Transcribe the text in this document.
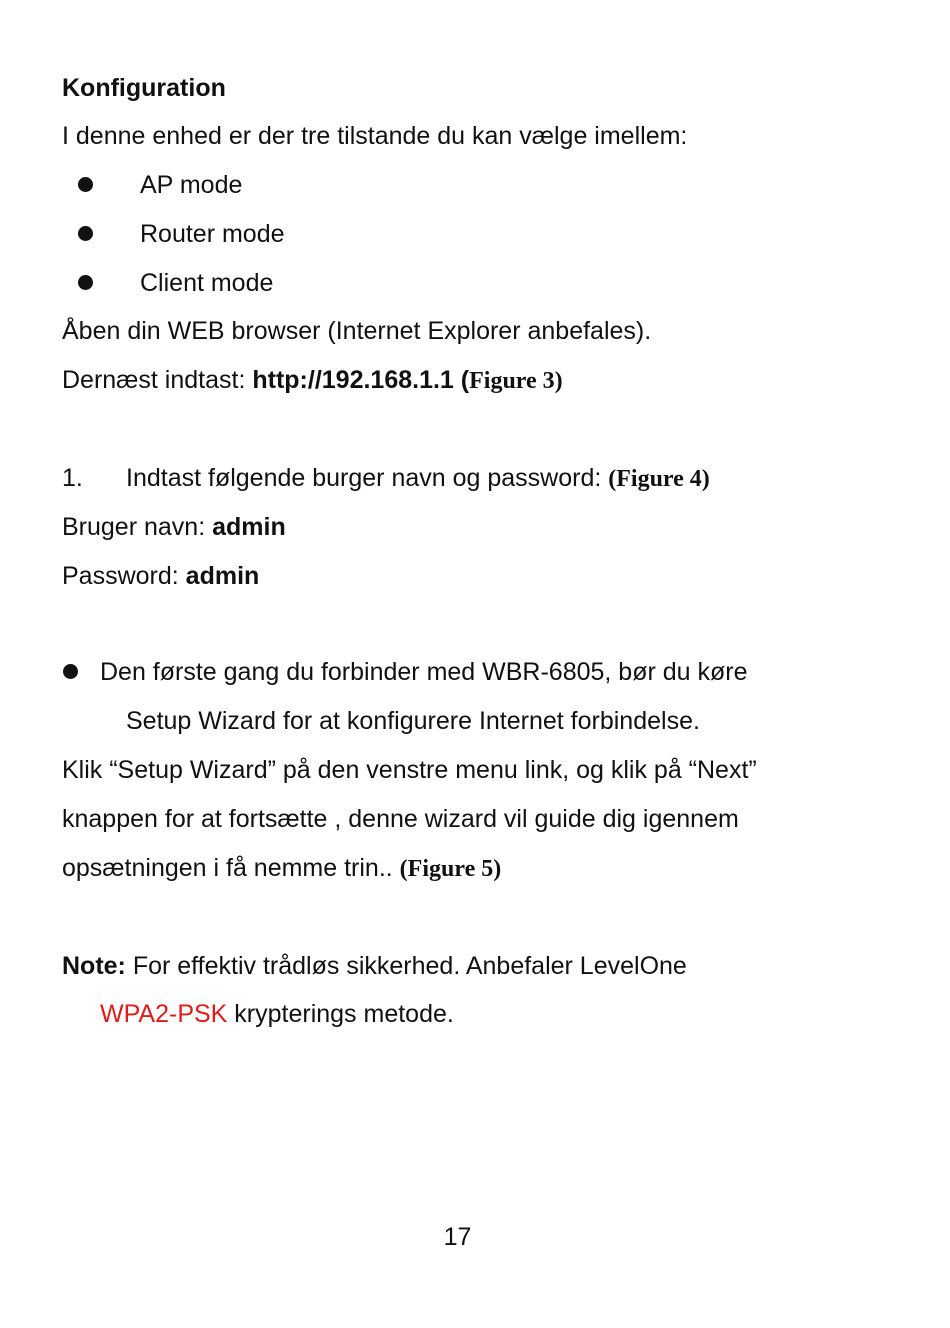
Konfiguration
I denne enhed er der tre tilstande du kan vælge imellem:
AP mode
Router mode
Client mode
Åben din WEB browser (Internet Explorer anbefales).
Dernæst indtast: http://192.168.1.1 (Figure 3)
1. Indtast følgende burger navn og password: (Figure 4)
Bruger navn: admin
Password: admin
Den første gang du forbinder med WBR-6805, bør du køre
Setup Wizard for at konfigurere Internet forbindelse.
Klik “Setup Wizard” på den venstre menu link, og klik på “Next”
knappen for at fortsætte , denne wizard vil guide dig igennem
opsætningen i få nemme trin.. (Figure 5)
Note: For effektiv trådløs sikkerhed. Anbefaler LevelOne
WPA2-PSK krypterings metode.
17
